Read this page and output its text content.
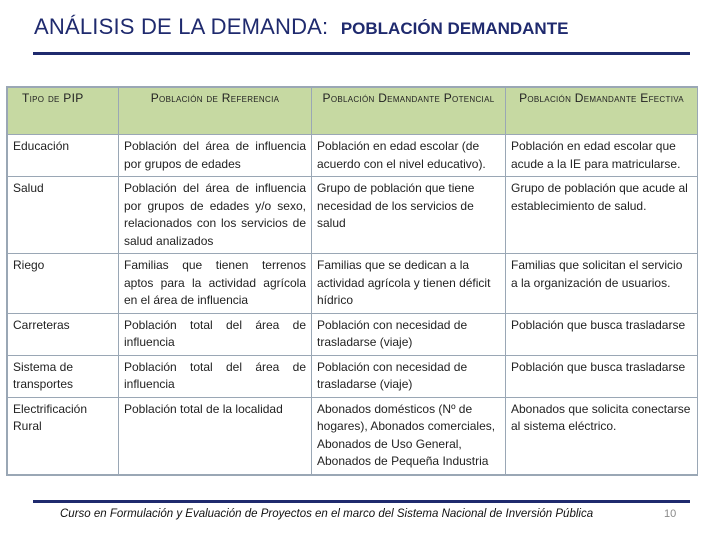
ANÁLISIS DE LA DEMANDA: POBLACIÓN DEMANDANTE
Tipo de PIP	Población de Referencia	Población Demandante Potencial	Población Demandante Efectiva
Educación	Población del área de influencia por grupos de edades	Población en edad escolar (de acuerdo con el nivel educativo).	Población en edad escolar que acude a la IE para matricularse.
Salud	Población del área de influencia por grupos de edades y/o sexo, relacionados con los servicios de salud analizados	Grupo de población que tiene necesidad de los servicios de salud	Grupo de población que acude al establecimiento de salud.
Riego	Familias que tienen terrenos aptos para la actividad agrícola en el área de influencia	Familias que se dedican a la actividad agrícola y tienen déficit hídrico	Familias que solicitan el servicio a la organización de usuarios.
Carreteras	Población total del área de influencia	Población con necesidad de trasladarse (viaje)	Población que busca trasladarse
Sistema de transportes	Población total del área de influencia	Población con necesidad de trasladarse (viaje)	Población que busca trasladarse
Electrificación Rural	Población total de la localidad	Abonados domésticos (Nº de hogares), Abonados comerciales, Abonados de Uso General, Abonados de Pequeña Industria	Abonados que solicita conectarse al sistema eléctrico.
Curso en Formulación y Evaluación de Proyectos en el marco del Sistema Nacional de Inversión Pública	10
